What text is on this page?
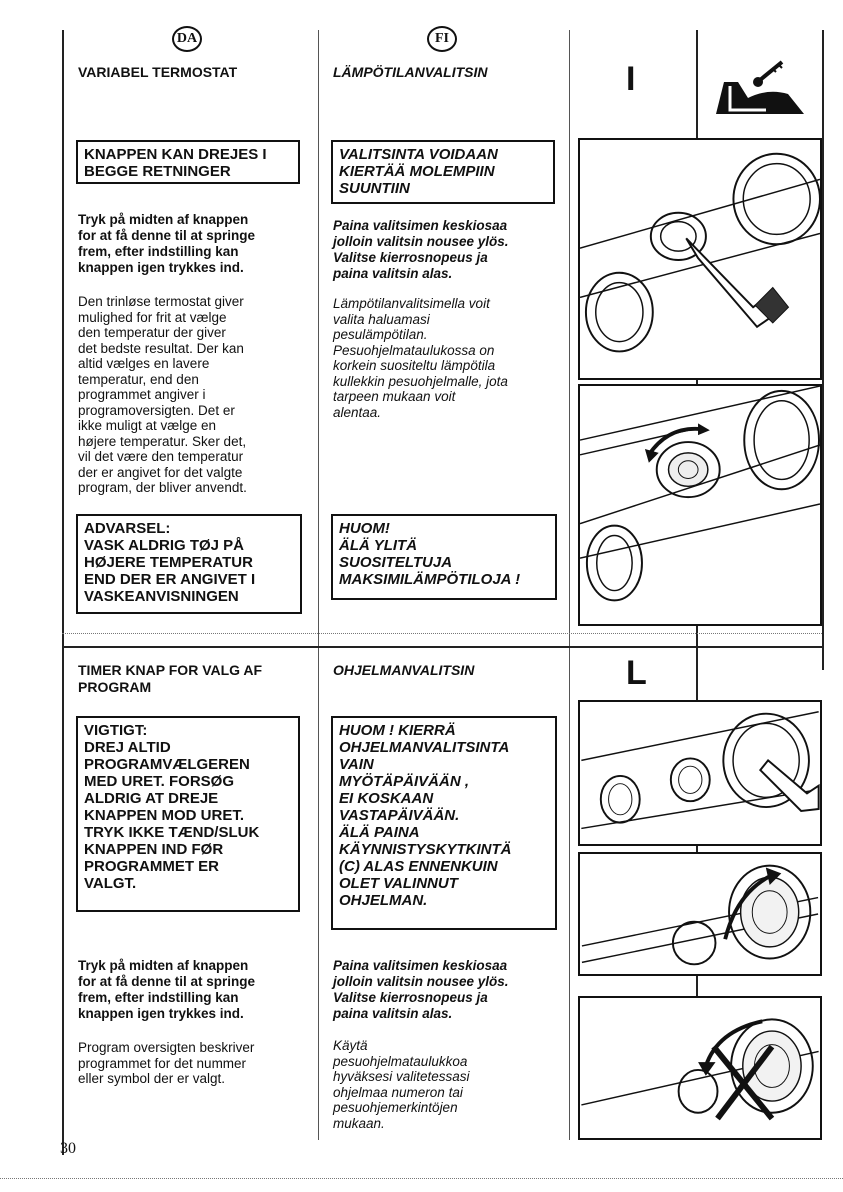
DA	FI
VARIABEL TERMOSTAT
KNAPPEN KAN DREJES I
BEGGE RETNINGER
Tryk på midten af knappen
for at få denne til at springe
frem, efter indstilling kan
knappen igen trykkes ind.
Den trinløse termostat giver
mulighed for frit at vælge
den temperatur der giver
det bedste resultat. Der kan
altid vælges en lavere
temperatur, end den
programmet angiver i
programoversigten. Det er
ikke muligt at vælge en
højere temperatur. Sker det,
vil det være den temperatur
der er angivet for det valgte
program, der bliver anvendt.
ADVARSEL:
VASK ALDRIG TØJ PÅ
HØJERE TEMPERATUR
END DER ER ANGIVET I
VASKEANVISNINGEN
LÄMPÖTILANVALITSIN
VALITSINTA VOIDAAN
KIERTÄÄ MOLEMPIIN
SUUNTIIN
Paina valitsimen keskiosaa
jolloin valitsin nousee ylös.
Valitse kierrosnopeus ja
paina valitsin alas.
Lämpötilanvalitsimella voit
valita haluamasi
pesulämpötilan.
Pesuohjelmataulukossa on
korkein suositeltu lämpötila
kullekkin pesuohjelmalle, jota
tarpeen mukaan voit
alentaa.
HUOM!
ÄLÄ YLITÄ
SUOSITELTUJA
MAKSIMILÄMPÖTILOJA !
I
TIMER KNAP FOR VALG AF
PROGRAM
VIGTIGT:
DREJ ALTID
PROGRAMVÆLGEREN
MED URET. FORSØG
ALDRIG AT DREJE
KNAPPEN MOD URET.
TRYK IKKE TÆND/SLUK
KNAPPEN IND FØR
PROGRAMMET ER
VALGT.
Tryk på midten af knappen
for at få denne til at springe
frem, efter indstilling kan
knappen igen trykkes ind.
Program oversigten beskriver
programmet for det nummer
eller symbol der er valgt.
OHJELMANVALITSIN
HUOM ! KIERRÄ
OHJELMANVALITSINTA
VAIN
MYÖTÄPÄIVÄÄN ,
EI KOSKAAN
VASTAPÄIVÄÄN.
ÄLÄ PAINA
KÄYNNISTYSKYTKINTÄ
(C) ALAS ENNENKUIN
OLET VALINNUT
OHJELMAN.
Paina valitsimen keskiosaa
jolloin valitsin nousee ylös.
Valitse kierrosnopeus ja
paina valitsin alas.
Käytä
pesuohjelmataulukkoa
hyväksesi valitetessasi
ohjelmaa numeron tai
pesuohjemerkintöjen
mukaan.
L
30
